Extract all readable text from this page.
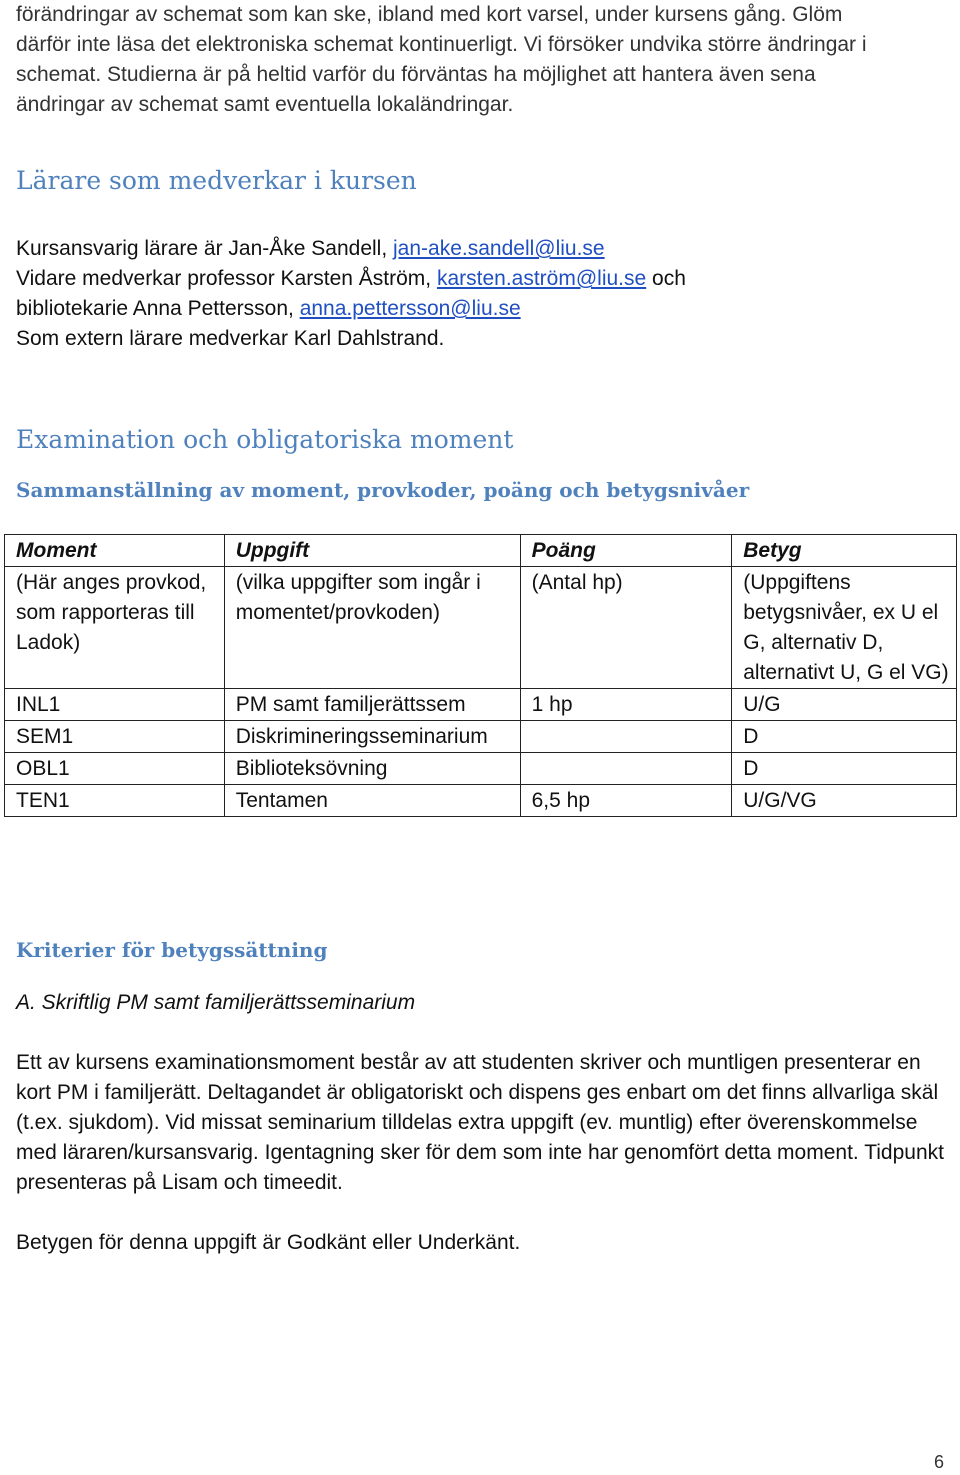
förändringar av schemat som kan ske, ibland med kort varsel, under kursens gång. Glöm

därför inte läsa det elektroniska schemat kontinuerligt. Vi försöker undvika större ändringar i

schemat. Studierna är på heltid varför du förväntas ha möjlighet att hantera även sena

ändringar av schemat samt eventuella lokaländringar.

Lärare som medverkar i kursen

Kursansvarig lärare är Jan-Åke Sandell, jan-ake.sandell@liu.se

Vidare medverkar professor Karsten Åström, karsten.aström@liu.se och

bibliotekarie Anna Pettersson, anna.pettersson@liu.se

Som extern lärare medverkar Karl Dahlstrand.

Examination och obligatoriska moment
Sammanställning av moment, provkoder, poäng och betygsnivåer
Moment	Uppgift	Poäng	Betyg
(Här anges provkod, som rapporteras till Ladok)	(vilka uppgifter som ingår i momentet/provkoden)	(Antal hp)	(Uppgiftens betygsnivåer, ex U el G, alternativ D, alternativt U, G el VG)
INL1	PM samt familjerättssem	1 hp	U/G
SEM1	Diskrimineringsseminarium		D
OBL1	Biblioteksövning		D
TEN1	Tentamen	6,5 hp	U/G/VG
Kriterier för betygssättning

A. Skriftlig PM samt familjerättsseminarium

Ett av kursens examinationsmoment består av att studenten skriver och muntligen presenterar en kort PM i familjerätt. Deltagandet är obligatoriskt och dispens ges enbart om det finns allvarliga skäl (t.ex. sjukdom). Vid missat seminarium tilldelas extra uppgift (ev. muntlig) efter överenskommelse med läraren/kursansvarig. Igentagning sker för dem som inte har genomfört detta moment. Tidpunkt presenteras på Lisam och timeedit.

Betygen för denna uppgift är Godkänt eller Underkänt.

6
